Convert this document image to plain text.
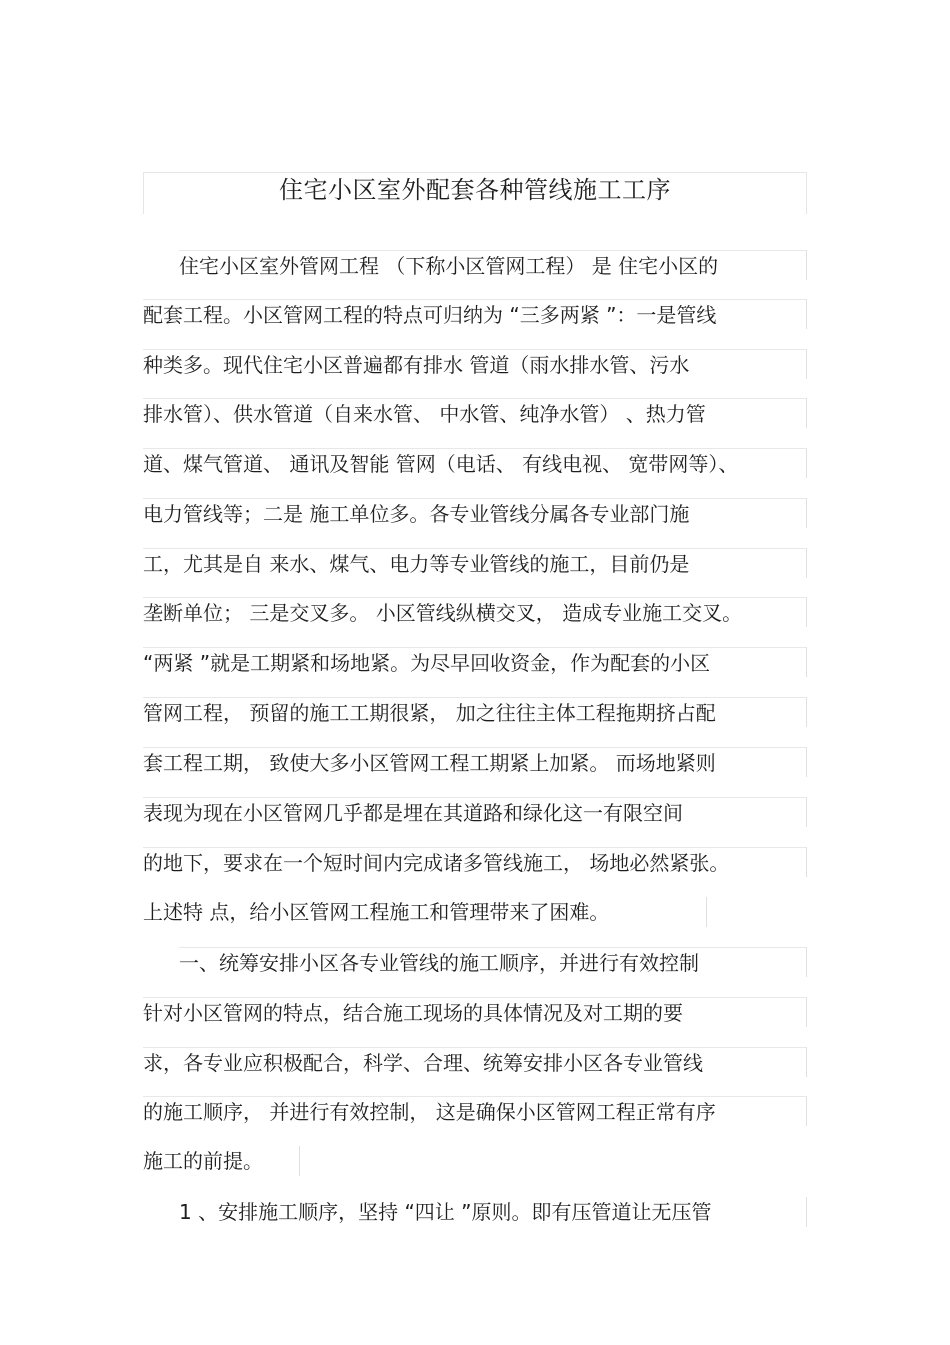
住宅小区室外配套各种管线施工工序
住宅小区室外管网工程 （下称小区管网工程） 是 住宅小区的
配套工程。小区管网工程的特点可归纳为 “三多两紧 ”：一是管线
种类多。现代住宅小区普遍都有排水 管道（雨水排水管、污水
排水管）、供水管道（自来水管、 中水管、纯净水管） 、热力管
道、煤气管道、 通讯及智能 管网（电话、 有线电视、 宽带网等）、
电力管线等；二是 施工单位多。各专业管线分属各专业部门施
工，尤其是自 来水、煤气、电力等专业管线的施工，目前仍是
垄断单位； 三是交叉多。 小区管线纵横交叉， 造成专业施工交叉。
“两紧 ”就是工期紧和场地紧。为尽早回收资金，作为配套的小区
管网工程， 预留的施工工期很紧， 加之往往主体工程拖期挤占配
套工程工期， 致使大多小区管网工程工期紧上加紧。 而场地紧则
表现为现在小区管网几乎都是埋在其道路和绿化这一有限空间
的地下，要求在一个短时间内完成诸多管线施工， 场地必然紧张。
上述特 点，给小区管网工程施工和管理带来了困难。
一、统筹安排小区各专业管线的施工顺序，并进行有效控制
针对小区管网的特点，结合施工现场的具体情况及对工期的要
求，各专业应积极配合，科学、合理、统筹安排小区各专业管线
的施工顺序， 并进行有效控制， 这是确保小区管网工程正常有序
施工的前提。
1 、安排施工顺序，坚持 “四让 ”原则。即有压管道让无压管
